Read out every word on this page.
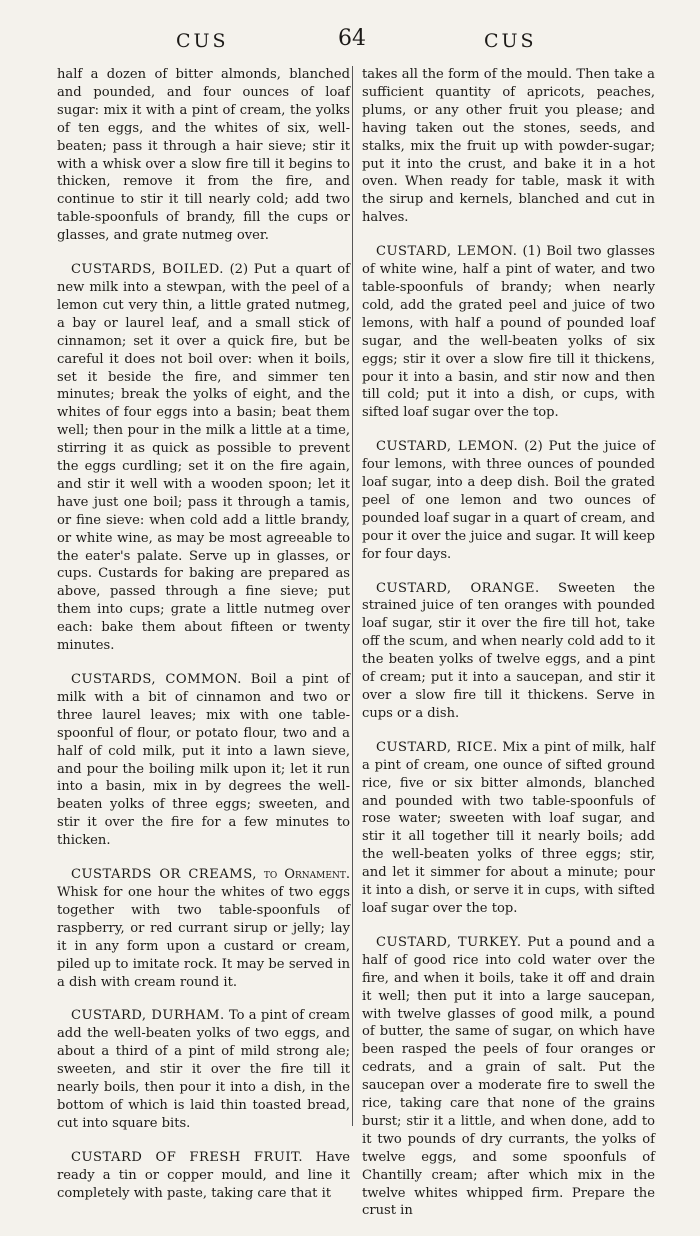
CUS	64	CUS

half a dozen of bitter almonds, blanched and pounded, and four ounces of loaf sugar: mix it with a pint of cream, the yolks of ten eggs, and the whites of six, well-beaten; pass it through a hair sieve; stir it with a whisk over a slow fire till it begins to thicken, remove it from the fire, and continue to stir it till nearly cold; add two table-spoonfuls of brandy, fill the cups or glasses, and grate nutmeg over.

CUSTARDS, BOILED. (2) Put a quart of new milk into a stewpan, with the peel of a lemon cut very thin, a little grated nutmeg, a bay or laurel leaf, and a small stick of cinnamon; set it over a quick fire, but be careful it does not boil over: when it boils, set it beside the fire, and simmer ten minutes; break the yolks of eight, and the whites of four eggs into a basin; beat them well; then pour in the milk a little at a time, stirring it as quick as possible to prevent the eggs curdling; set it on the fire again, and stir it well with a wooden spoon; let it have just one boil; pass it through a tamis, or fine sieve: when cold add a little brandy, or white wine, as may be most agreeable to the eater's palate. Serve up in glasses, or cups. Custards for baking are prepared as above, passed through a fine sieve; put them into cups; grate a little nutmeg over each: bake them about fifteen or twenty minutes.

CUSTARDS, COMMON. Boil a pint of milk with a bit of cinnamon and two or three laurel leaves; mix with one table-spoonful of flour, or potato flour, two and a half of cold milk, put it into a lawn sieve, and pour the boiling milk upon it; let it run into a basin, mix in by degrees the well-beaten yolks of three eggs; sweeten, and stir it over the fire for a few minutes to thicken.

CUSTARDS OR CREAMS, to Ornament. Whisk for one hour the whites of two eggs together with two table-spoonfuls of raspberry, or red currant sirup or jelly; lay it in any form upon a custard or cream, piled up to imitate rock. It may be served in a dish with cream round it.

CUSTARD, DURHAM. To a pint of cream add the well-beaten yolks of two eggs, and about a third of a pint of mild strong ale; sweeten, and stir it over the fire till it nearly boils, then pour it into a dish, in the bottom of which is laid thin toasted bread, cut into square bits.

CUSTARD OF FRESH FRUIT. Have ready a tin or copper mould, and line it completely with paste, taking care that it

takes all the form of the mould. Then take a sufficient quantity of apricots, peaches, plums, or any other fruit you please; and having taken out the stones, seeds, and stalks, mix the fruit up with powder-sugar; put it into the crust, and bake it in a hot oven. When ready for table, mask it with the sirup and kernels, blanched and cut in halves.

CUSTARD, LEMON. (1) Boil two glasses of white wine, half a pint of water, and two table-spoonfuls of brandy; when nearly cold, add the grated peel and juice of two lemons, with half a pound of pounded loaf sugar, and the well-beaten yolks of six eggs; stir it over a slow fire till it thickens, pour it into a basin, and stir now and then till cold; put it into a dish, or cups, with sifted loaf sugar over the top.

CUSTARD, LEMON. (2) Put the juice of four lemons, with three ounces of pounded loaf sugar, into a deep dish. Boil the grated peel of one lemon and two ounces of pounded loaf sugar in a quart of cream, and pour it over the juice and sugar. It will keep for four days.

CUSTARD, ORANGE. Sweeten the strained juice of ten oranges with pounded loaf sugar, stir it over the fire till hot, take off the scum, and when nearly cold add to it the beaten yolks of twelve eggs, and a pint of cream; put it into a saucepan, and stir it over a slow fire till it thickens. Serve in cups or a dish.

CUSTARD, RICE. Mix a pint of milk, half a pint of cream, one ounce of sifted ground rice, five or six bitter almonds, blanched and pounded with two table-spoonfuls of rose water; sweeten with loaf sugar, and stir it all together till it nearly boils; add the well-beaten yolks of three eggs; stir, and let it simmer for about a minute; pour it into a dish, or serve it in cups, with sifted loaf sugar over the top.

CUSTARD, TURKEY. Put a pound and a half of good rice into cold water over the fire, and when it boils, take it off and drain it well; then put it into a large saucepan, with twelve glasses of good milk, a pound of butter, the same of sugar, on which have been rasped the peels of four oranges or cedrats, and a grain of salt. Put the saucepan over a moderate fire to swell the rice, taking care that none of the grains burst; stir it a little, and when done, add to it two pounds of dry currants, the yolks of twelve eggs, and some spoonfuls of Chantilly cream; after which mix in the twelve whites whipped firm. Prepare the crust in
